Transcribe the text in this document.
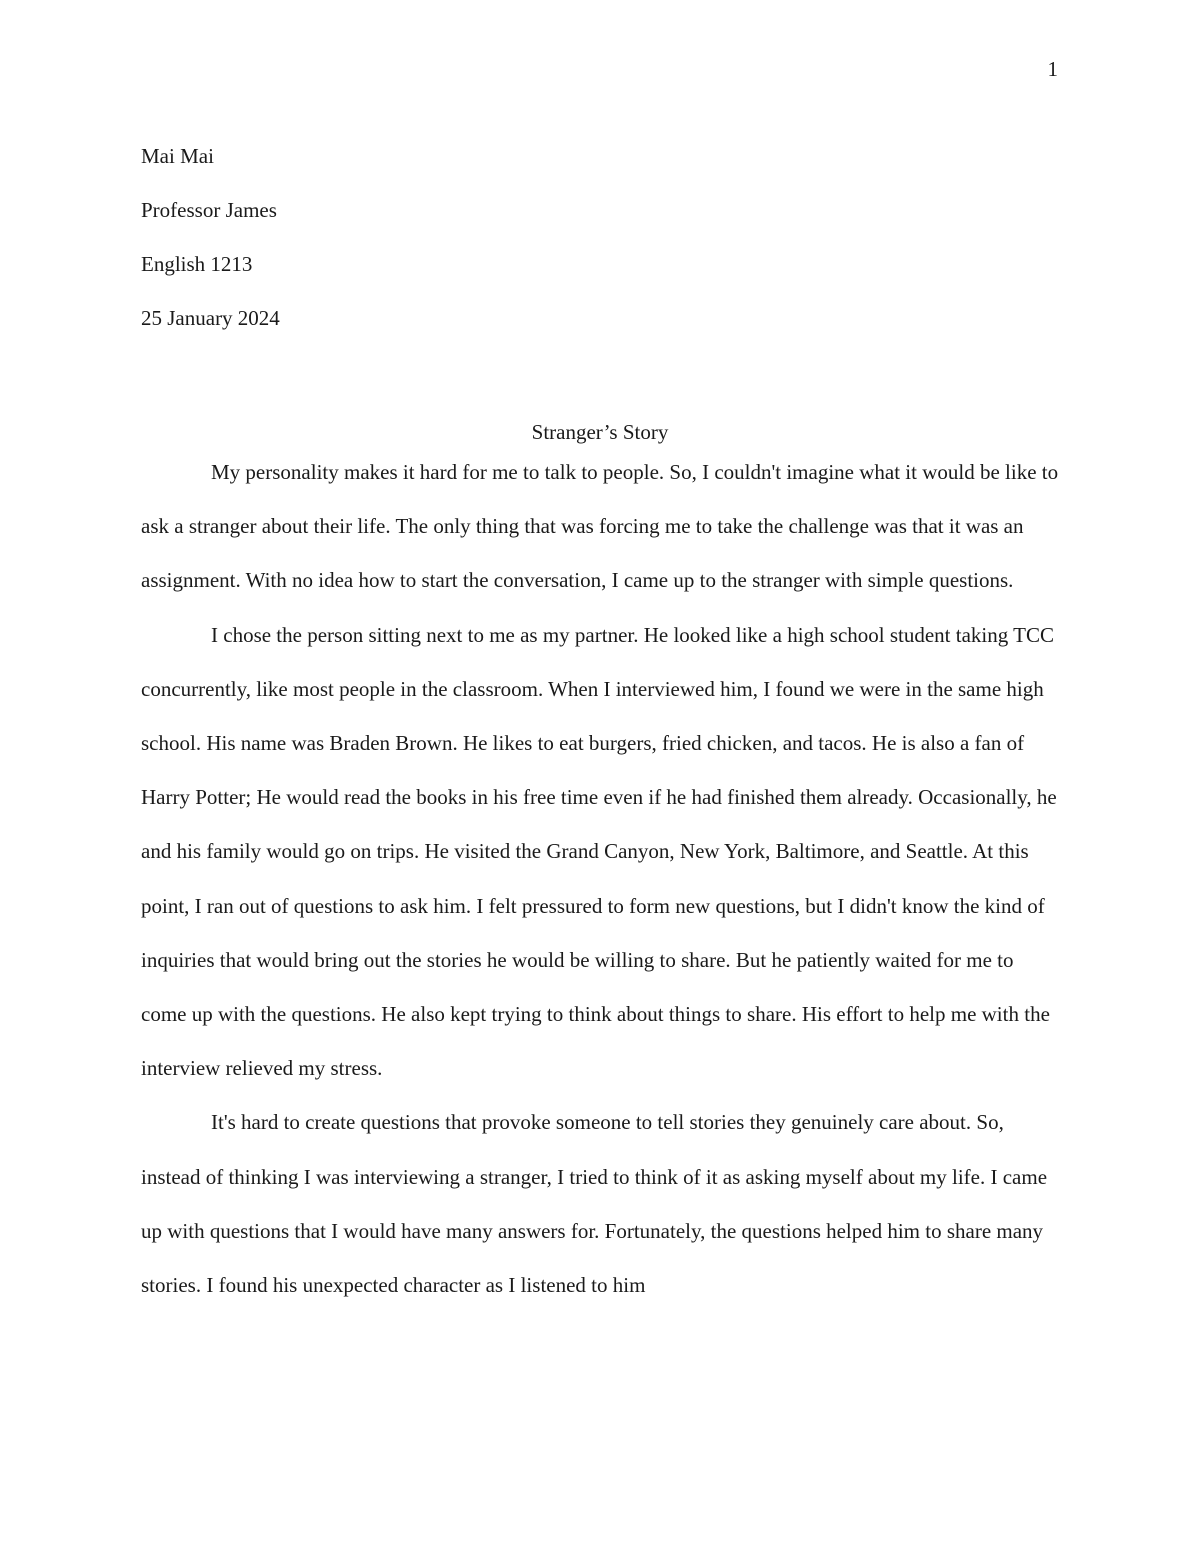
1
Mai Mai
Professor James
English 1213
25 January 2024
Stranger’s Story

My personality makes it hard for me to talk to people. So, I couldn't imagine what it would be like to ask a stranger about their life. The only thing that was forcing me to take the challenge was that it was an assignment. With no idea how to start the conversation, I came up to the stranger with simple questions.

I chose the person sitting next to me as my partner. He looked like a high school student taking TCC concurrently, like most people in the classroom. When I interviewed him, I found we were in the same high school. His name was Braden Brown. He likes to eat burgers, fried chicken, and tacos. He is also a fan of Harry Potter; He would read the books in his free time even if he had finished them already. Occasionally, he and his family would go on trips. He visited the Grand Canyon, New York, Baltimore, and Seattle. At this point, I ran out of questions to ask him. I felt pressured to form new questions, but I didn't know the kind of inquiries that would bring out the stories he would be willing to share. But he patiently waited for me to come up with the questions. He also kept trying to think about things to share. His effort to help me with the interview relieved my stress.

It's hard to create questions that provoke someone to tell stories they genuinely care about. So, instead of thinking I was interviewing a stranger, I tried to think of it as asking myself about my life. I came up with questions that I would have many answers for. Fortunately, the questions helped him to share many stories. I found his unexpected character as I listened to him
